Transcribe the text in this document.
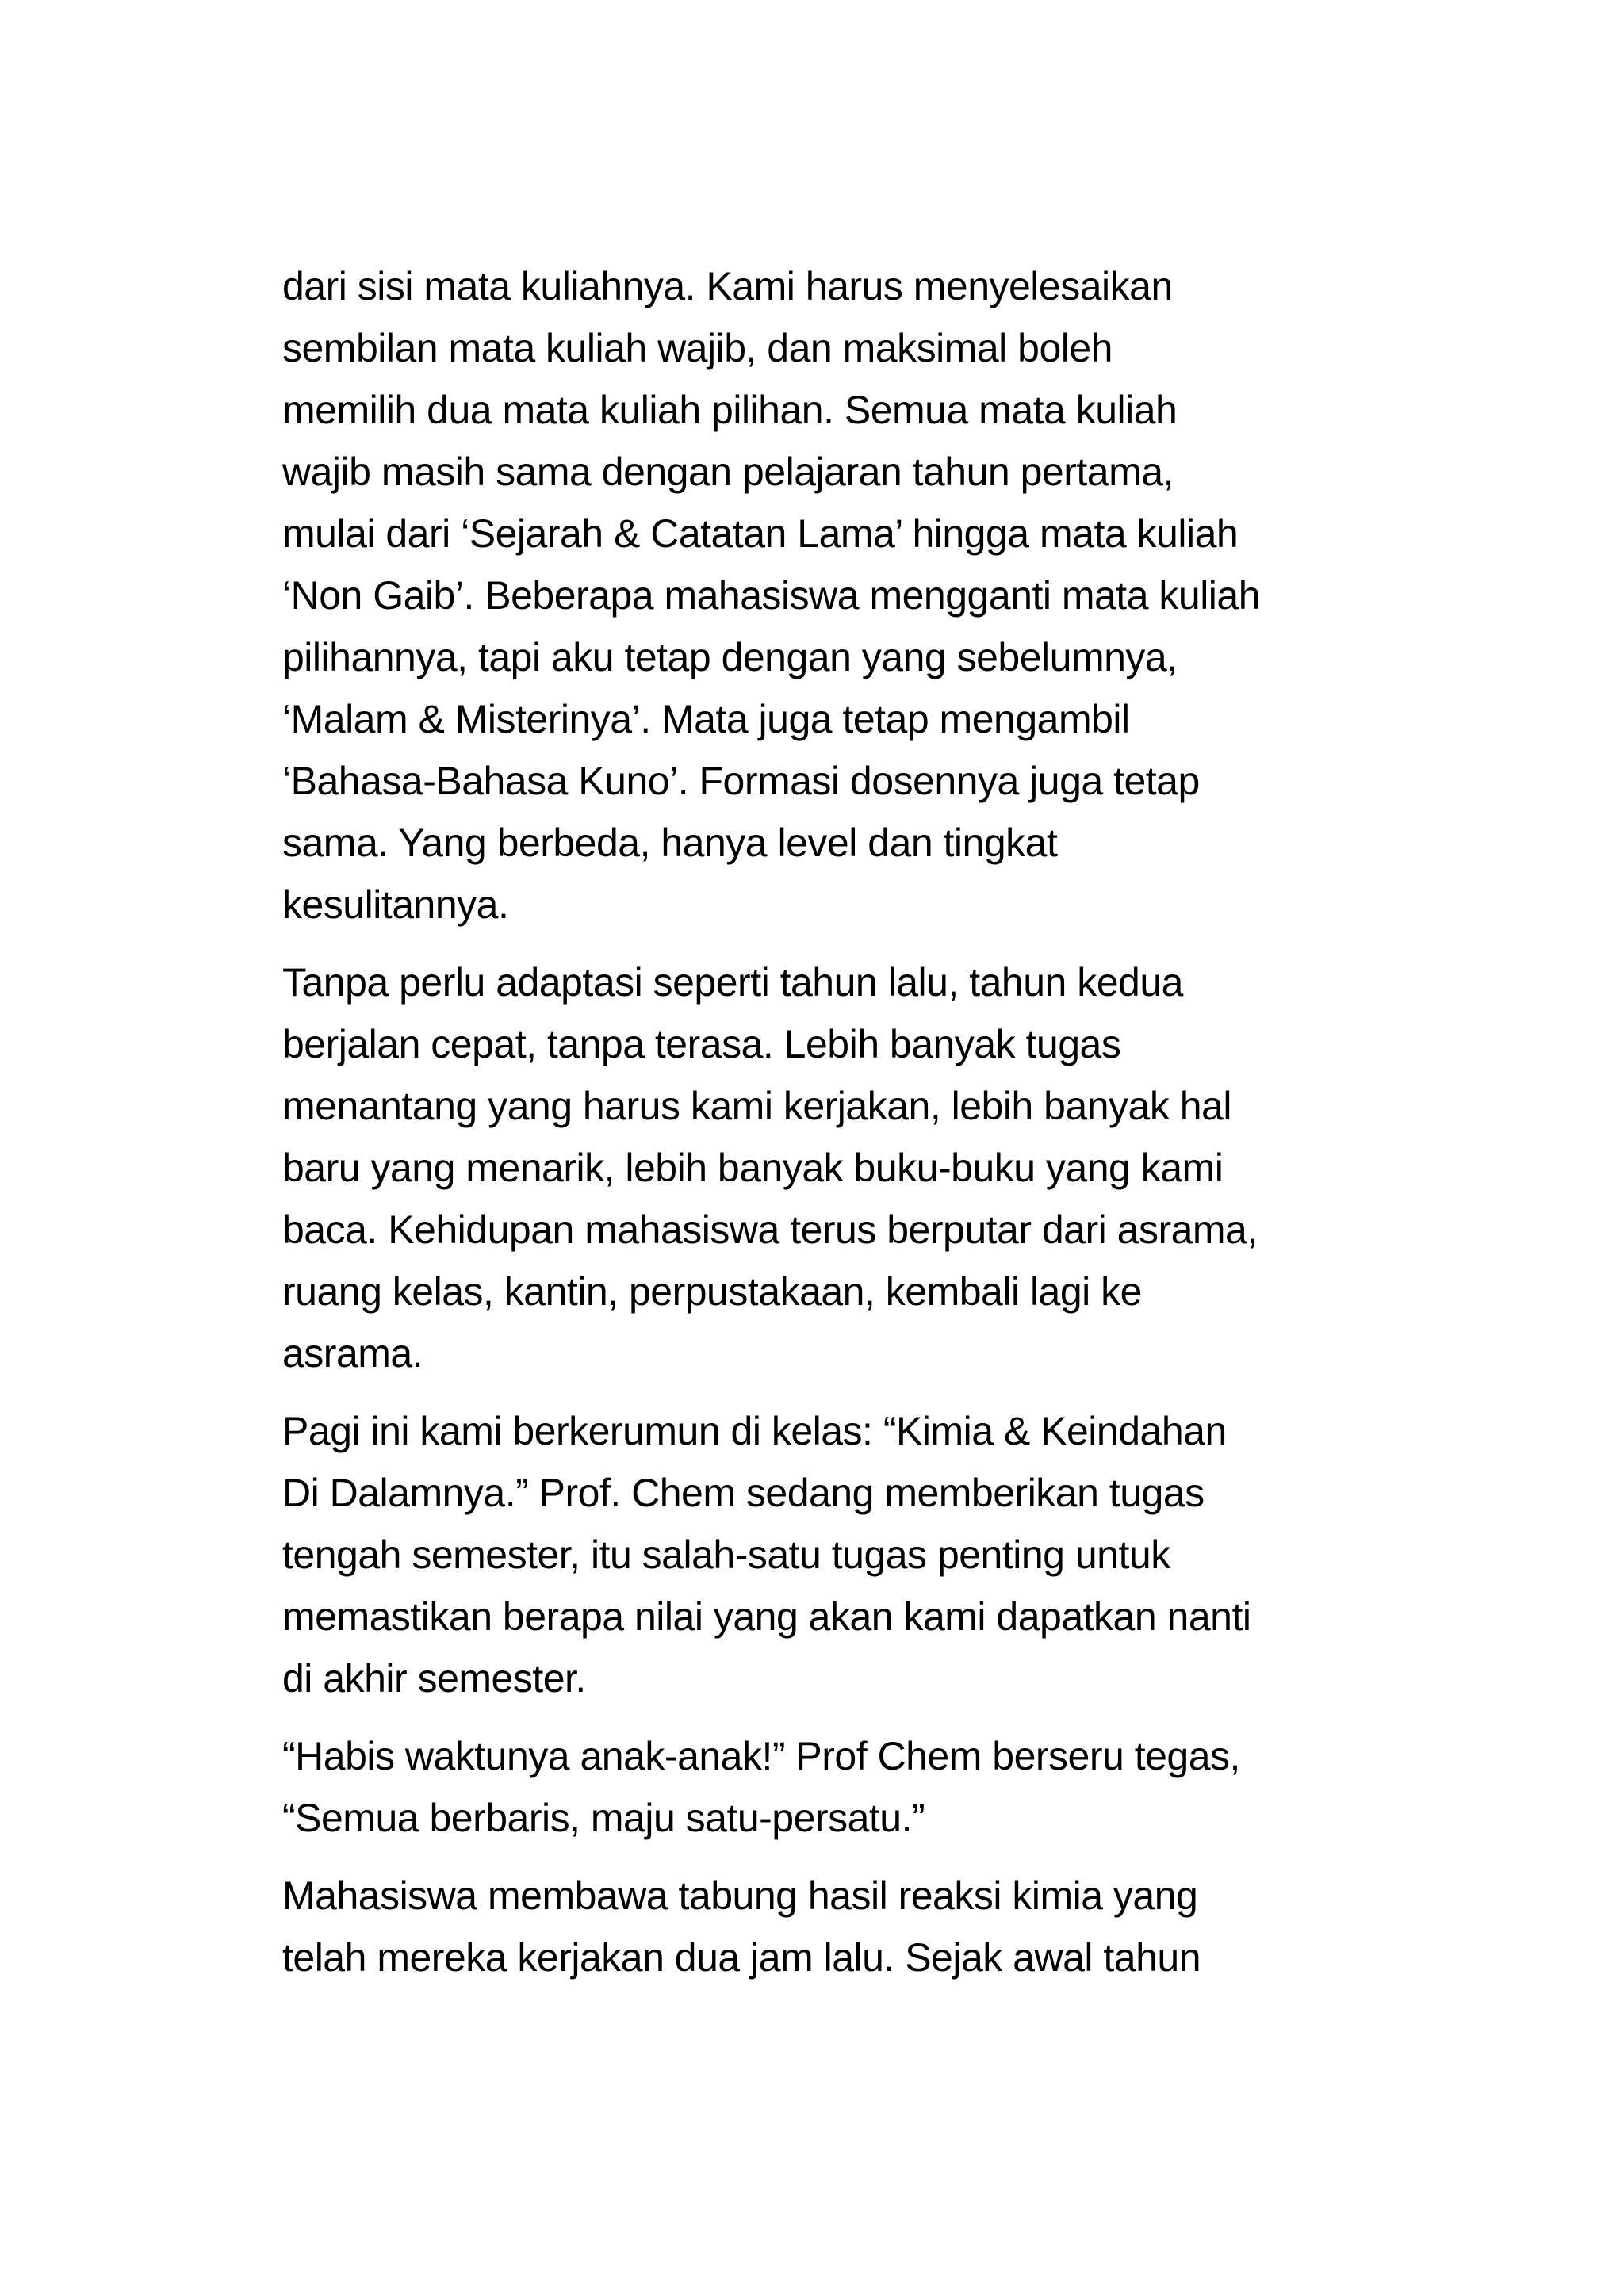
dari sisi mata kuliahnya. Kami harus menyelesaikan
sembilan mata kuliah wajib, dan maksimal boleh
memilih dua mata kuliah pilihan. Semua mata kuliah
wajib masih sama dengan pelajaran tahun pertama,
mulai dari ‘Sejarah & Catatan Lama’ hingga mata kuliah
‘Non Gaib’. Beberapa mahasiswa mengganti mata kuliah
pilihannya, tapi aku tetap dengan yang sebelumnya,
‘Malam & Misterinya’. Mata juga tetap mengambil
‘Bahasa-Bahasa Kuno’. Formasi dosennya juga tetap
sama. Yang berbeda, hanya level dan tingkat
kesulitannya.

Tanpa perlu adaptasi seperti tahun lalu, tahun kedua
berjalan cepat, tanpa terasa. Lebih banyak tugas
menantang yang harus kami kerjakan, lebih banyak hal
baru yang menarik, lebih banyak buku-buku yang kami
baca. Kehidupan mahasiswa terus berputar dari asrama,
ruang kelas, kantin, perpustakaan, kembali lagi ke
asrama.

Pagi ini kami berkerumun di kelas: “Kimia & Keindahan
Di Dalamnya.” Prof. Chem sedang memberikan tugas
tengah semester, itu salah-satu tugas penting untuk
memastikan berapa nilai yang akan kami dapatkan nanti
di akhir semester.

“Habis waktunya anak-anak!” Prof Chem berseru tegas,
“Semua berbaris, maju satu-persatu.”

Mahasiswa membawa tabung hasil reaksi kimia yang
telah mereka kerjakan dua jam lalu. Sejak awal tahun
